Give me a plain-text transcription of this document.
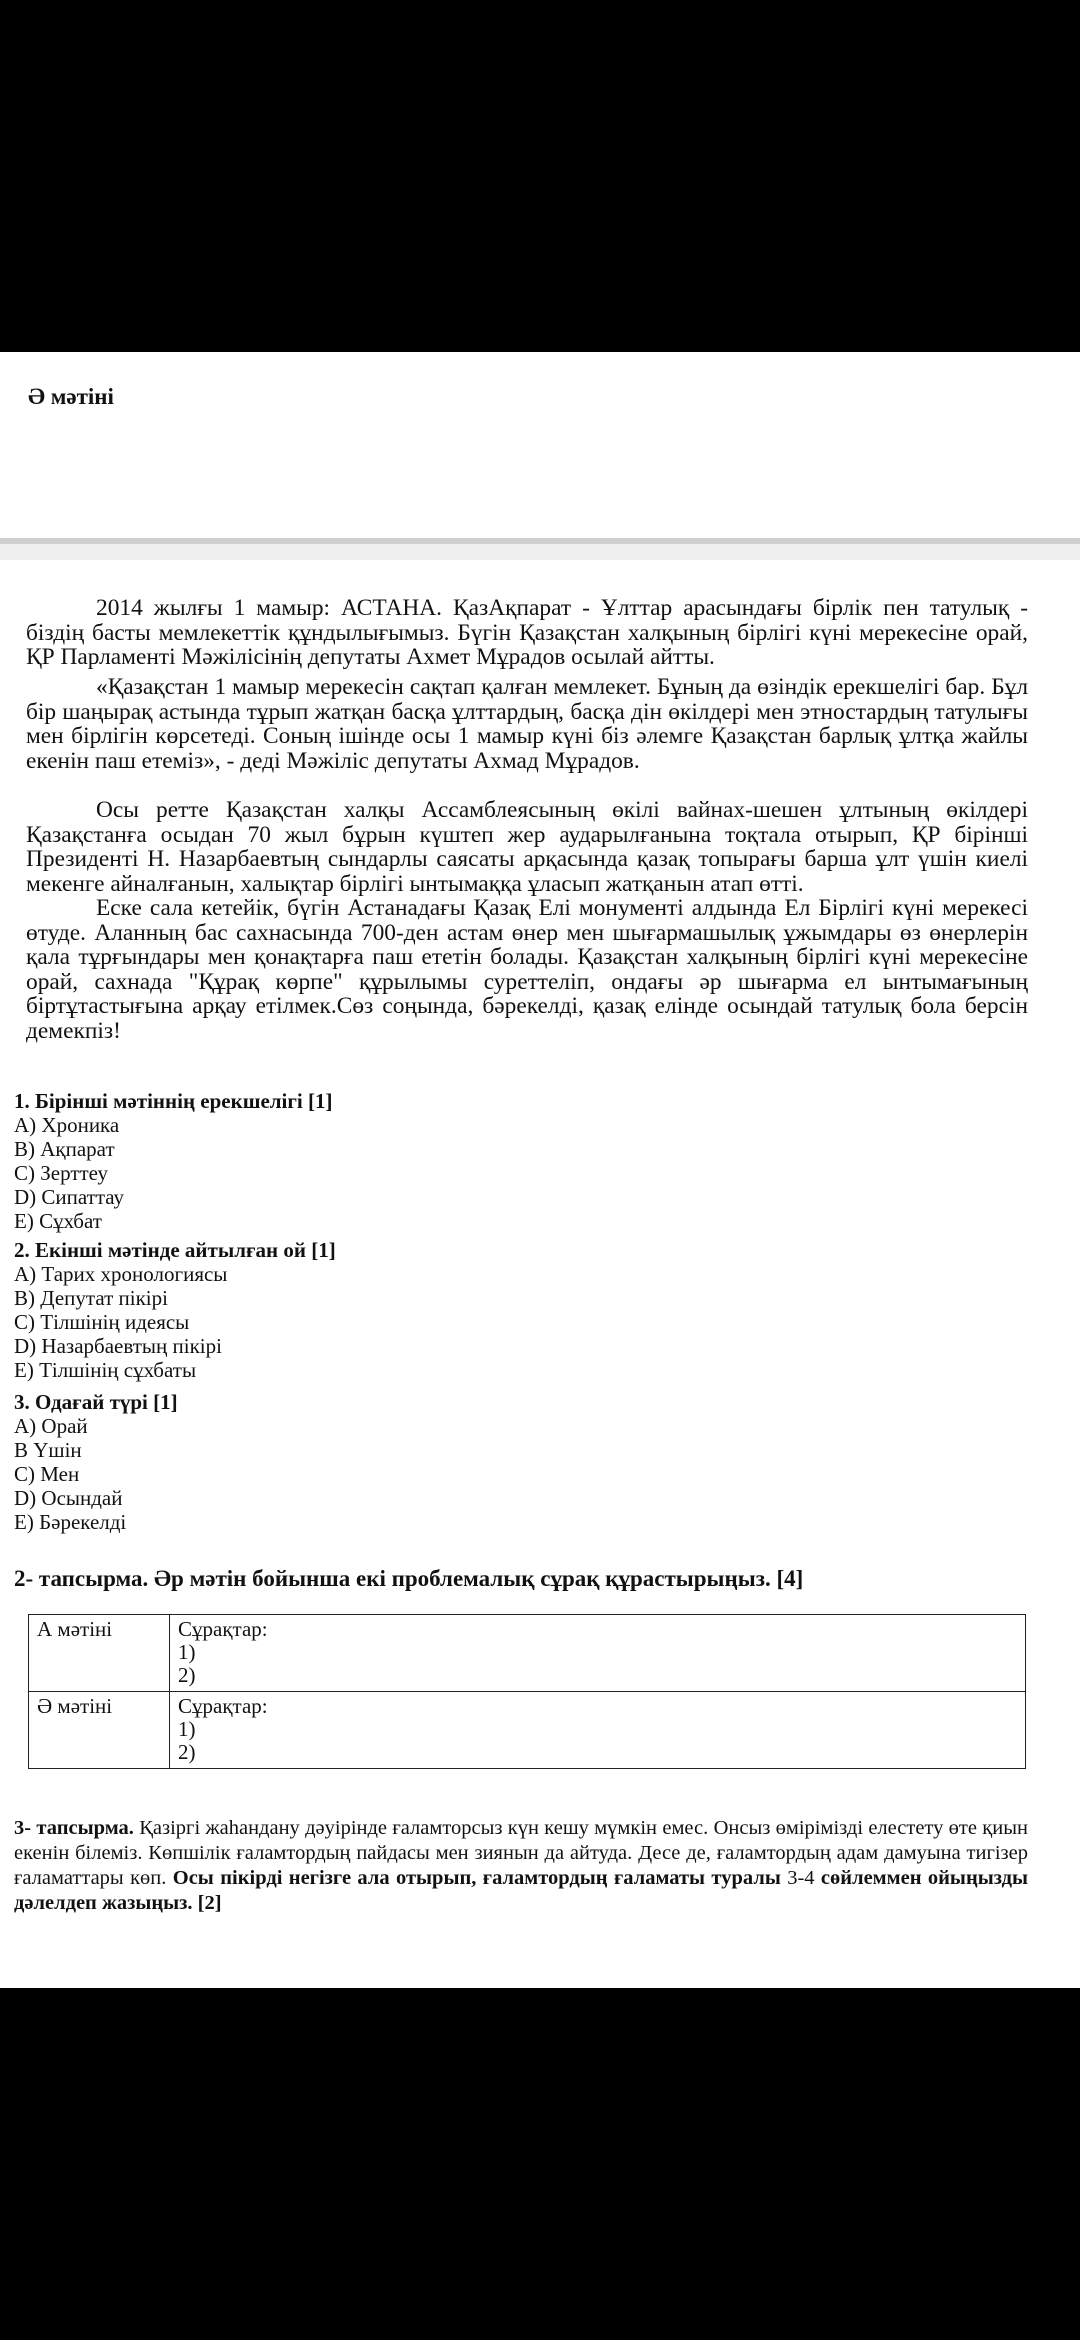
Ә мәтіні
2014 жылғы 1 мамыр: АСТАНА. ҚазАқпарат - Ұлттар арасындағы бірлік пен татулық - біздің басты мемлекеттік құндылығымыз. Бүгін Қазақстан халқының бірлігі күні мерекесіне орай, ҚР Парламенті Мәжілісінің депутаты Ахмет Мұрадов осылай айтты.
«Қазақстан 1 мамыр мерекесін сақтап қалған мемлекет. Бұның да өзіндік ерекшелігі бар. Бұл бір шаңырақ астында тұрып жатқан басқа ұлттардың, басқа дін өкілдері мен этностардың татулығы мен бірлігін көрсетеді. Соның ішінде осы 1 мамыр күні біз әлемге Қазақстан барлық ұлтқа жайлы екенін паш етеміз», - деді Мәжіліс депутаты Ахмад Мұрадов.
Осы ретте Қазақстан халқы Ассамблеясының өкілі вайнах-шешен ұлтының өкілдері Қазақстанға осыдан 70 жыл бұрын күштеп жер аударылғанына тоқтала отырып, ҚР бірінші Президенті Н. Назарбаевтың сындарлы саясаты арқасында қазақ топырағы барша ұлт үшін киелі мекенге айналғанын, халықтар бірлігі ынтымаққа ұласып жатқанын атап өтті.
Еске сала кетейік, бүгін Астанадағы Қазақ Елі монументі алдында Ел Бірлігі күні мерекесі өтуде. Аланның бас сахнасында 700-ден астам өнер мен шығармашылық ұжымдары өз өнерлерін қала тұрғындары мен қонақтарға паш ететін болады. Қазақстан халқының бірлігі күні мерекесіне орай, сахнада "Құрақ көрпе" құрылымы суреттеліп, ондағы әр шығарма ел ынтымағының біртұтастығына арқау етілмек.Сөз соңында, бәрекелді, қазақ елінде осындай татулық бола берсін демекпіз!
1. Бірінші мәтіннің ерекшелігі [1]
A) Хроника
B) Ақпарат
C) Зерттеу
D) Сипаттау
E) Сұхбат
2. Екінші мәтінде айтылған ой [1]
A) Тарих хронологиясы
B) Депутат пікірі
C) Тілшінің идеясы
D) Назарбаевтың пікірі
E) Тілшінің сұхбаты
3. Одағай түрі [1]
A) Орай
B Үшін
C) Мен
D) Осындай
E) Бәрекелді
2- тапсырма. Әр мәтін бойынша екі проблемалық сұрақ құрастырыңыз. [4]
А мәтіні	Сұрақтар:
1)
2)

Ә мәтіні	Сұрақтар:
1)
2)
3- тапсырма. Қазіргі жаһандану дәуірінде ғаламторсыз күн кешу мүмкін емес. Онсыз өмірімізді елестету өте қиын екенін білеміз. Көпшілік ғаламтордың пайдасы мен зиянын да айтуда. Десе де, ғаламтордың адам дамуына тигізер ғаламаттары көп. Осы пікірді негізге ала отырып, ғаламтордың ғаламаты туралы 3-4 сөйлеммен ойыңызды дәлелдеп жазыңыз. [2]
